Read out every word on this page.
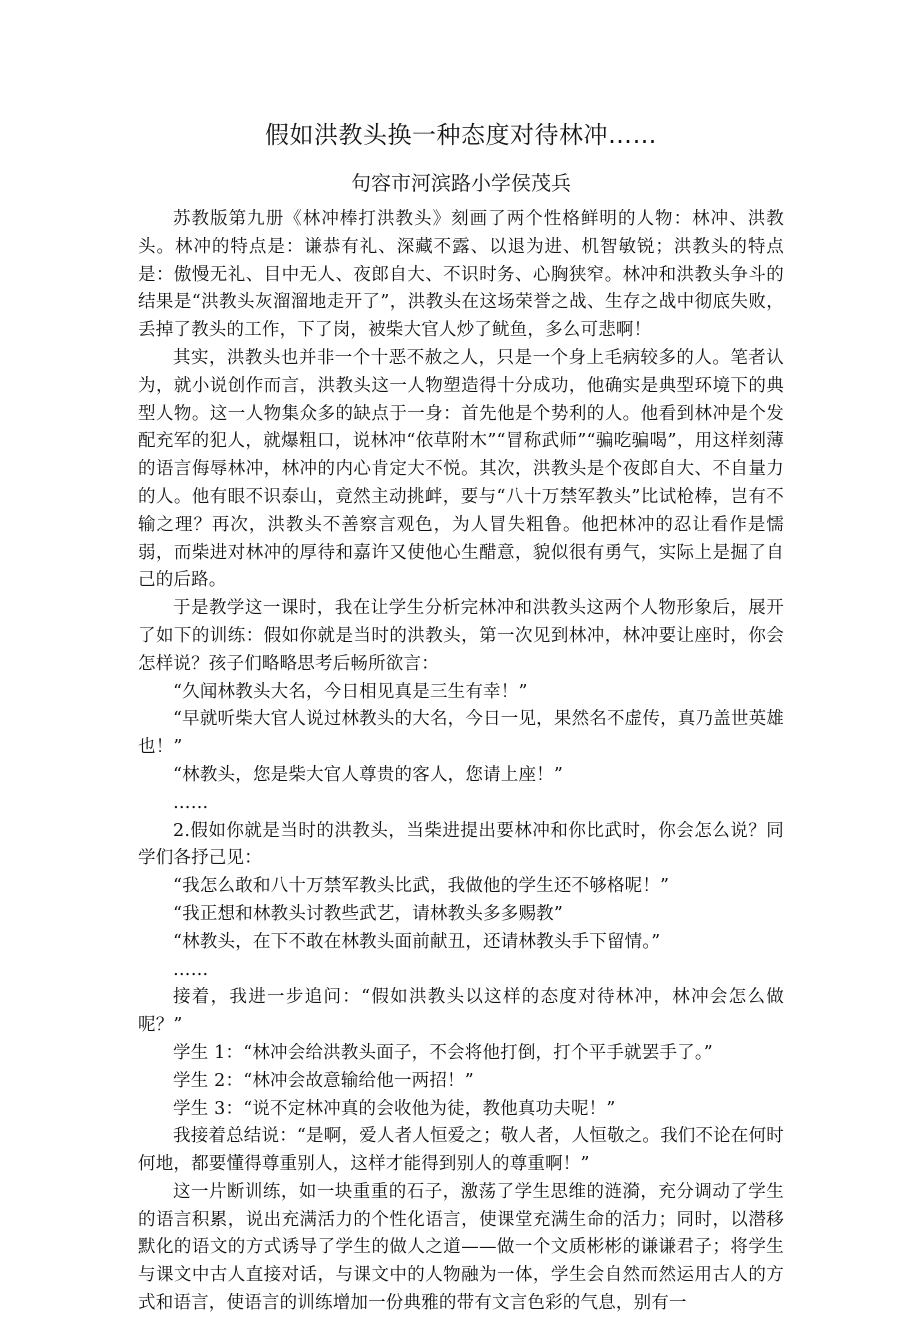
假如洪教头换一种态度对待林冲……
句容市河滨路小学侯茂兵

苏教版第九册《林冲棒打洪教头》刻画了两个性格鲜明的人物：林冲、洪教头。林冲的特点是：谦恭有礼、深藏不露、以退为进、机智敏锐；洪教头的特点是：傲慢无礼、目中无人、夜郎自大、不识时务、心胸狭窄。林冲和洪教头争斗的结果是“洪教头灰溜溜地走开了”，洪教头在这场荣誉之战、生存之战中彻底失败，丢掉了教头的工作，下了岗，被柴大官人炒了鱿鱼，多么可悲啊！

其实，洪教头也并非一个十恶不赦之人，只是一个身上毛病较多的人。笔者认为，就小说创作而言，洪教头这一人物塑造得十分成功，他确实是典型环境下的典型人物。这一人物集众多的缺点于一身：首先他是个势利的人。他看到林冲是个发配充军的犯人，就爆粗口，说林冲“依草附木”“冒称武师”“骗吃骗喝”，用这样刻薄的语言侮辱林冲，林冲的内心肯定大不悦。其次，洪教头是个夜郎自大、不自量力的人。他有眼不识泰山，竟然主动挑衅，要与“八十万禁军教头”比试枪棒，岂有不输之理？再次，洪教头不善察言观色，为人冒失粗鲁。他把林冲的忍让看作是懦弱，而柴进对林冲的厚待和嘉许又使他心生醋意，貌似很有勇气，实际上是掘了自己的后路。

于是教学这一课时，我在让学生分析完林冲和洪教头这两个人物形象后，展开了如下的训练：假如你就是当时的洪教头，第一次见到林冲，林冲要让座时，你会怎样说？孩子们略略思考后畅所欲言：

“久闻林教头大名，今日相见真是三生有幸！”

“早就听柴大官人说过林教头的大名，今日一见，果然名不虚传，真乃盖世英雄也！”

“林教头，您是柴大官人尊贵的客人，您请上座！”

……

2.假如你就是当时的洪教头，当柴进提出要林冲和你比武时，你会怎么说？同学们各抒己见：

“我怎么敢和八十万禁军教头比武，我做他的学生还不够格呢！”

“我正想和林教头讨教些武艺，请林教头多多赐教”

“林教头，在下不敢在林教头面前献丑，还请林教头手下留情。”

……

接着，我进一步追问：“假如洪教头以这样的态度对待林冲，林冲会怎么做呢？”

学生 1：“林冲会给洪教头面子，不会将他打倒，打个平手就罢手了。”

学生 2：“林冲会故意输给他一两招！”

学生 3：“说不定林冲真的会收他为徒，教他真功夫呢！”

我接着总结说：“是啊，爱人者人恒爱之；敬人者，人恒敬之。我们不论在何时何地，都要懂得尊重别人，这样才能得到别人的尊重啊！”

这一片断训练，如一块重重的石子，激荡了学生思维的涟漪，充分调动了学生的语言积累，说出充满活力的个性化语言，使课堂充满生命的活力；同时，以潜移默化的语文的方式诱导了学生的做人之道——做一个文质彬彬的谦谦君子；将学生与课文中古人直接对话，与课文中的人物融为一体，学生会自然而然运用古人的方式和语言，使语言的训练增加一份典雅的带有文言色彩的气息，别有一
